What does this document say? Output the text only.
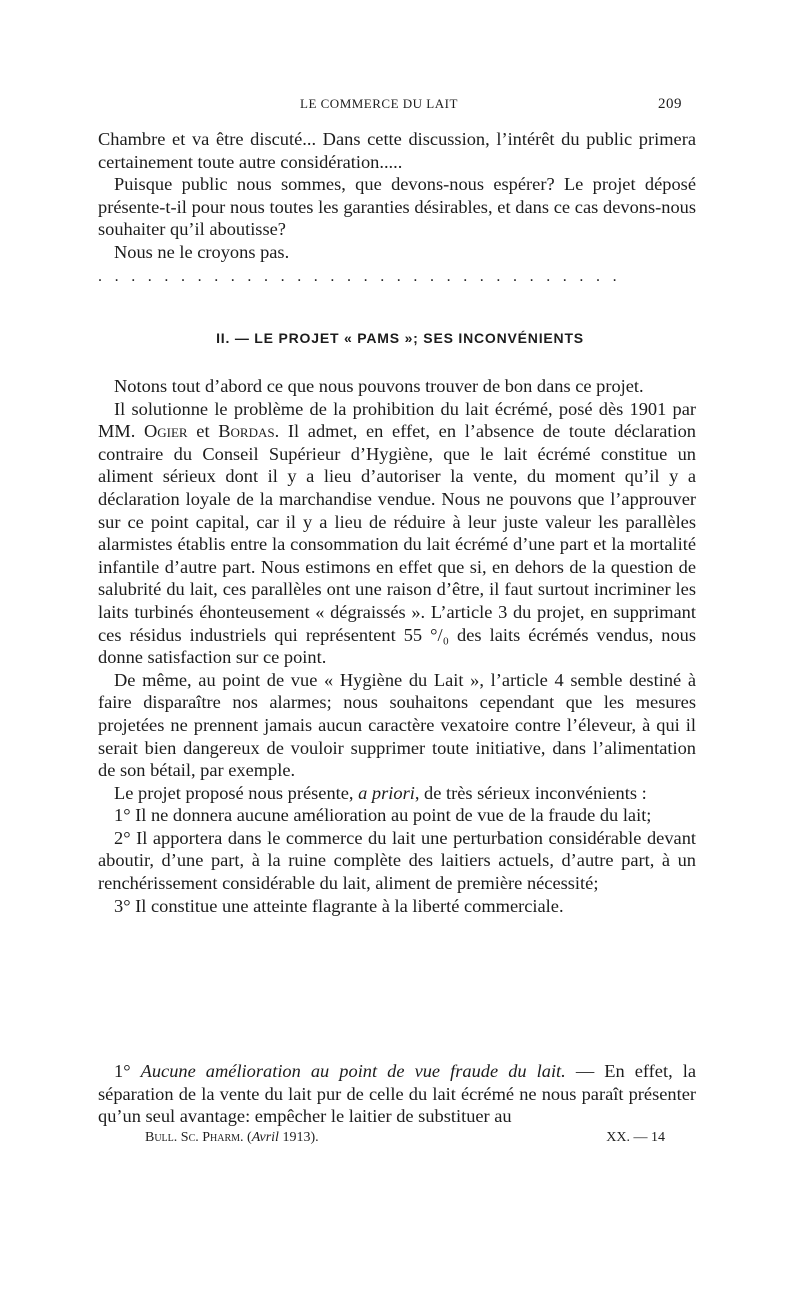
LE COMMERCE DU LAIT	209

Chambre et va être discuté... Dans cette discussion, l’intérêt du public primera certainement toute autre considération.....

Puisque public nous sommes, que devons-nous espérer? Le projet déposé présente-t-il pour nous toutes les garanties désirables, et dans ce cas devons-nous souhaiter qu’il aboutisse?

Nous ne le croyons pas.

................................
II. — LE PROJET « PAMS »; SES INCONVÉNIENTS

Notons tout d’abord ce que nous pouvons trouver de bon dans ce projet.

Il solutionne le problème de la prohibition du lait écrémé, posé dès 1901 par MM. Ogier et Bordas. Il admet, en effet, en l’absence de toute déclaration contraire du Conseil Supérieur d’Hygiène, que le lait écrémé constitue un aliment sérieux dont il y a lieu d’autoriser la vente, du moment qu’il y a déclaration loyale de la marchandise vendue. Nous ne pouvons que l’approuver sur ce point capital, car il y a lieu de réduire à leur juste valeur les parallèles alarmistes établis entre la consommation du lait écrémé d’une part et la mortalité infantile d’autre part. Nous estimons en effet que si, en dehors de la question de salubrité du lait, ces parallèles ont une raison d’être, il faut surtout incriminer les laits turbinés éhonteusement « dégraissés ». L’article 3 du projet, en supprimant ces résidus industriels qui représentent 55 °/₀ des laits écrémés vendus, nous donne satisfaction sur ce point.

De même, au point de vue « Hygiène du Lait », l’article 4 semble destiné à faire disparaître nos alarmes; nous souhaitons cependant que les mesures projetées ne prennent jamais aucun caractère vexatoire contre l’éleveur, à qui il serait bien dangereux de vouloir supprimer toute initiative, dans l’alimentation de son bétail, par exemple.

Le projet proposé nous présente, a priori, de très sérieux inconvénients :

1° Il ne donnera aucune amélioration au point de vue de la fraude du lait;

2° Il apportera dans le commerce du lait une perturbation considérable devant aboutir, d’une part, à la ruine complète des laitiers actuels, d’autre part, à un renchérissement considérable du lait, aliment de première nécessité;

3° Il constitue une atteinte flagrante à la liberté commerciale.

1° Aucune amélioration au point de vue fraude du lait. — En effet, la séparation de la vente du lait pur de celle du lait écrémé ne nous paraît présenter qu’un seul avantage: empêcher le laitier de substituer au

Bull. Sc. Pharm. (Avril 1913).	XX. — 14
